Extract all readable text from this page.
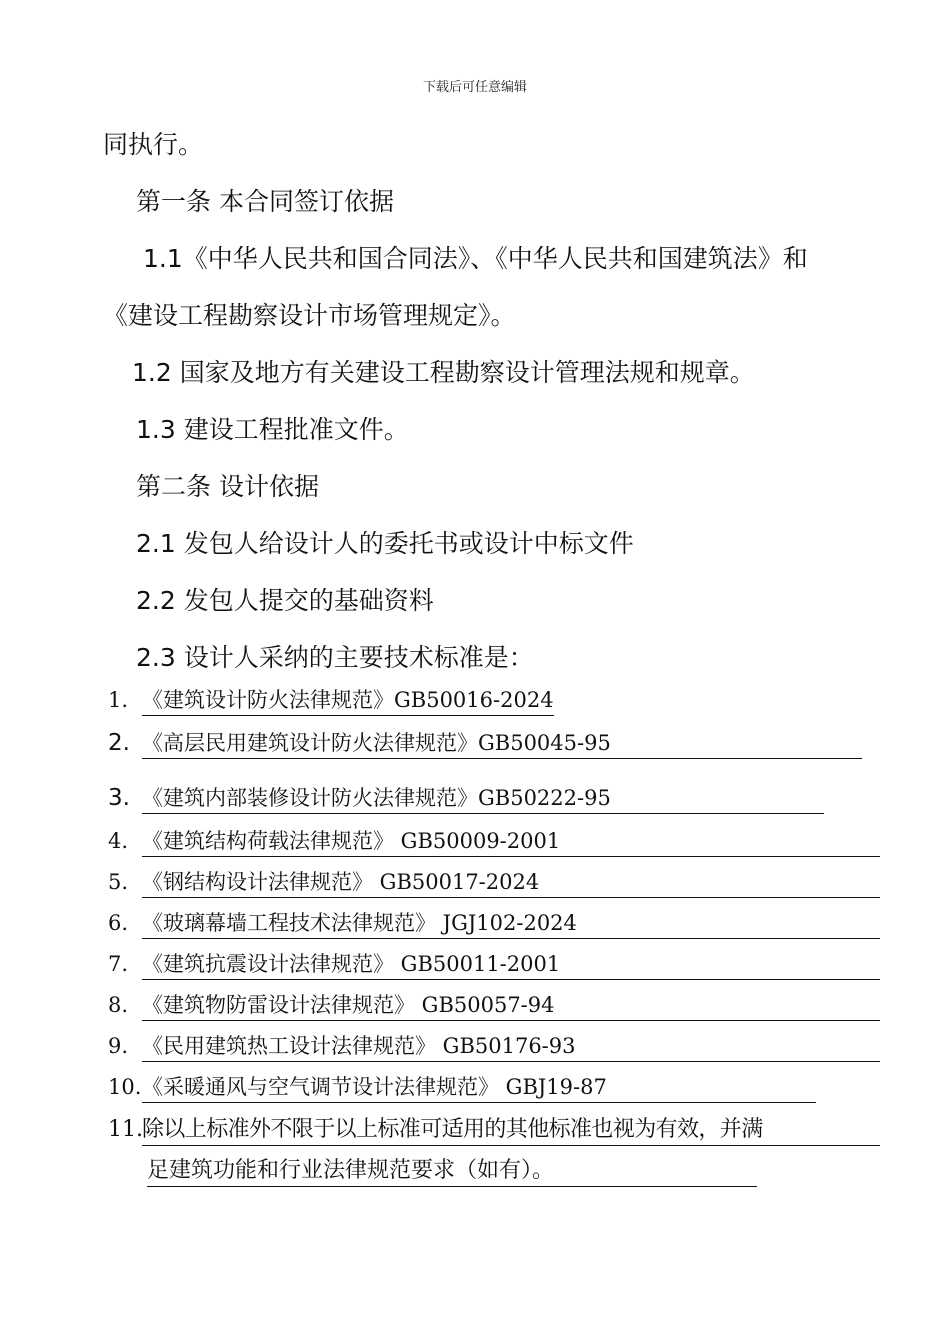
下载后可任意编辑
同执行。
第一条 本合同签订依据
1.1《中华人民共和国合同法》、《中华人民共和国建筑法》和
《建设工程勘察设计市场管理规定》。
1.2 国家及地方有关建设工程勘察设计管理法规和规章。
1.3 建设工程批准文件。
第二条 设计依据
2.1 发包人给设计人的委托书或设计中标文件
2.2 发包人提交的基础资料
2.3 设计人采纳的主要技术标准是：
1. 《建筑设计防火法律规范》GB50016-2024
2. 《高层民用建筑设计防火法律规范》GB50045-95
3. 《建筑内部装修设计防火法律规范》GB50222-95
4. 《建筑结构荷载法律规范》 GB50009-2001
5. 《钢结构设计法律规范》 GB50017-2024
6. 《玻璃幕墙工程技术法律规范》 JGJ102-2024
7. 《建筑抗震设计法律规范》 GB50011-2001
8. 《建筑物防雷设计法律规范》 GB50057-94
9. 《民用建筑热工设计法律规范》 GB50176-93
10.《采暖通风与空气调节设计法律规范》 GBJ19-87
11.除以上标准外不限于以上标准可适用的其他标准也视为有效，并满
足建筑功能和行业法律规范要求（如有）。
